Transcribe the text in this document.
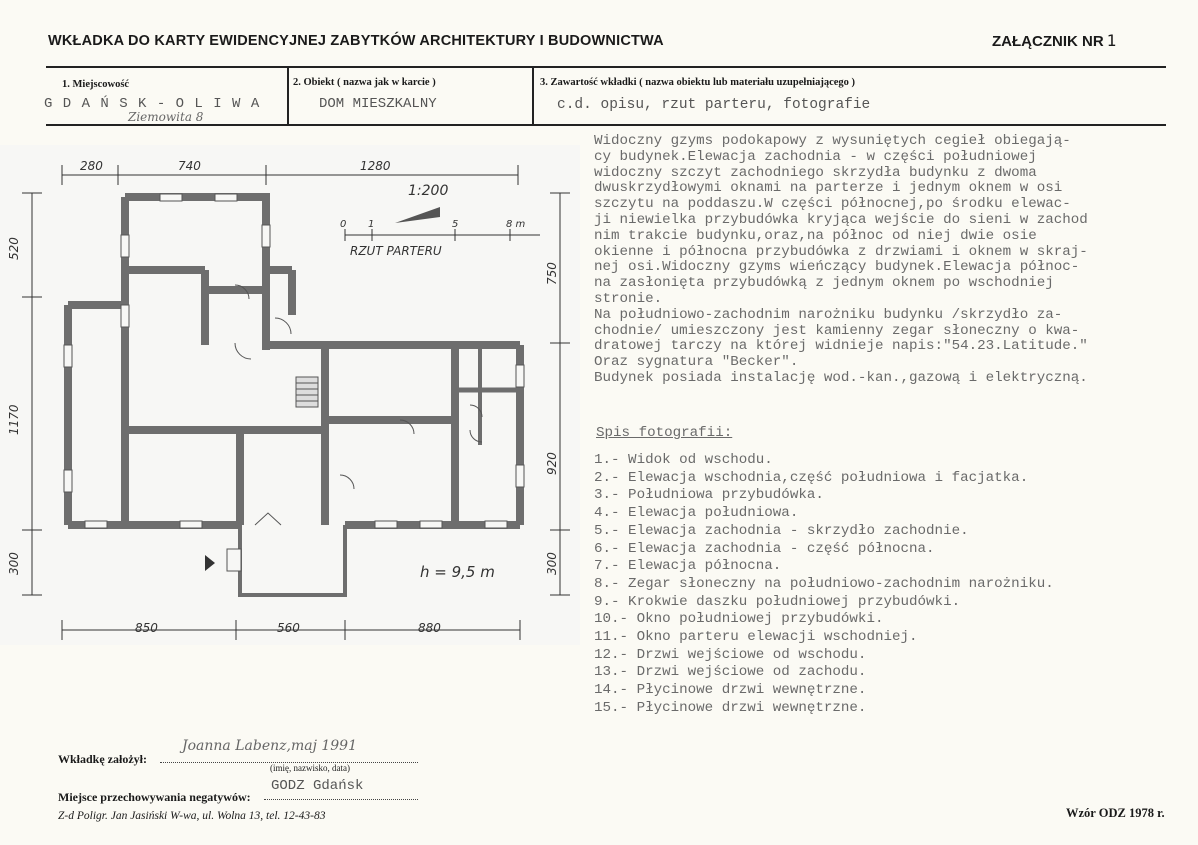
WKŁADKA DO KARTY EWIDENCYJNEJ ZABYTKÓW ARCHITEKTURY I BUDOWNICTWA	ZAŁĄCZNIK NR 1
1. Miejscowość
G D A Ń S K - O L I W A
Ziemowita 8
2. Obiekt ( nazwa jak w karcie )
DOM MIESZKALNY
3. Zawartość wkładki ( nazwa obiektu lub materiału uzupełniającego )
c.d. opisu, rzut parteru, fotografie
280	740	1280
850	560	880
520
1170
300
750
920
300
1:200
0 1	5	8 m
RZUT PARTERU
h = 9,5 m
Widoczny gzyms podokapowy z wysuniętych cegieł obiegają-
cy budynek.Elewacja zachodnia - w części południowej
widoczny szczyt zachodniego skrzydła budynku z dwoma
dwuskrzydłowymi oknami na parterze i jednym oknem w osi
szczytu na poddaszu.W części północnej,po środku elewac-
ji niewielka przybudówka kryjąca wejście do sieni w zachod
nim trakcie budynku,oraz,na północ od niej dwie osie
okienne i północna przybudówka z drzwiami i oknem w skraj-
nej osi.Widoczny gzyms wieńczący budynek.Elewacja północ-
na zasłonięta przybudówką z jednym oknem po wschodniej
stronie.
Na południowo-zachodnim narożniku budynku /skrzydło za-
chodnie/ umieszczony jest kamienny zegar słoneczny o kwa-
dratowej tarczy na której widnieje napis:"54.23.Latitude."
Oraz sygnatura "Becker".
Budynek posiada instalację wod.-kan.,gazową i elektryczną.
Spis fotografii:
1.- Widok od wschodu.
2.- Elewacja wschodnia,część południowa i facjatka.
3.- Południowa przybudówka.
4.- Elewacja południowa.
5.- Elewacja zachodnia - skrzydło zachodnie.
6.- Elewacja zachodnia - część północna.
7.- Elewacja północna.
8.- Zegar słoneczny na południowo-zachodnim narożniku.
9.- Krokwie daszku południowej przybudówki.
10.- Okno południowej przybudówki.
11.- Okno parteru elewacji wschodniej.
12.- Drzwi wejściowe od wschodu.
13.- Drzwi wejściowe od zachodu.
14.- Płycinowe drzwi wewnętrzne.
15.- Płycinowe drzwi wewnętrzne.
Wkładkę założył:
Joanna Labenz,maj 1991
(imię, nazwisko, data)
Miejsce przechowywania negatywów:
GODZ Gdańsk
Z-d Poligr. Jan Jasiński W-wa, ul. Wolna 13, tel. 12-43-83	Wzór ODZ 1978 r.
